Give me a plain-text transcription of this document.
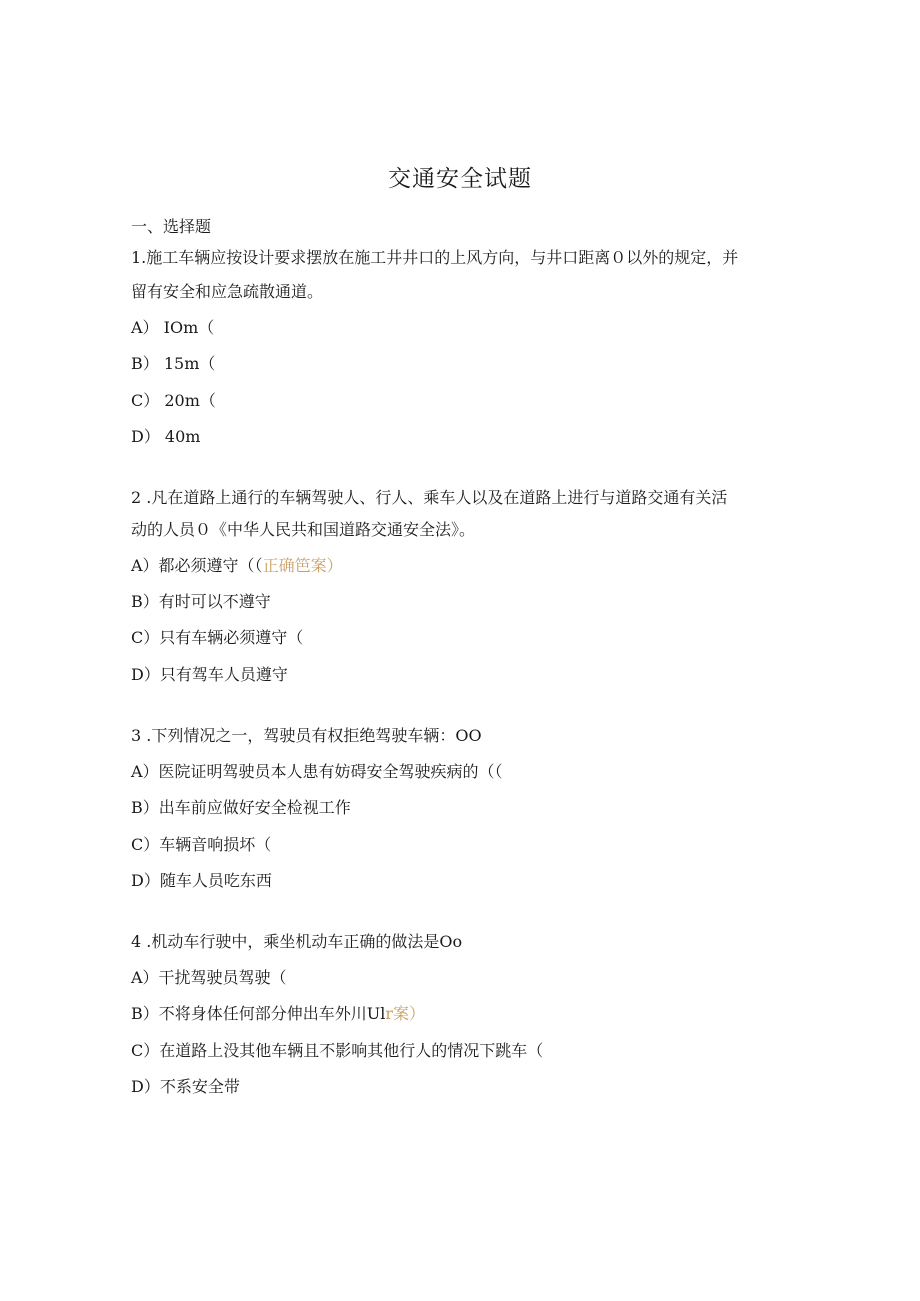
交通安全试题
一、选择题
1.施工车辆应按设计要求摆放在施工井井口的上风方向，与井口距离０以外的规定，并
留有安全和应急疏散通道。
A） IOm（
B） 15m（
C） 20m（
D） 40m
2 .凡在道路上通行的车辆驾驶人、行人、乘车人以及在道路上进行与道路交通有关活
动的人员０《中华人民共和国道路交通安全法》。
A）都必须遵守（（正确笆案）
B）有时可以不遵守
C）只有车辆必须遵守（
D）只有驾车人员遵守
3 .下列情况之一，驾驶员有权拒绝驾驶车辆：OO
A）医院证明驾驶员本人患有妨碍安全驾驶疾病的（（
B）出车前应做好安全检视工作
C）车辆音响损坏（
D）随车人员吃东西
4 .机动车行驶中，乘坐机动车正确的做法是Oo
A）干扰驾驶员驾驶（
B）不将身体任何部分伸出车外川Ulr案）
C）在道路上没其他车辆且不影响其他行人的情况下跳车（
D）不系安全带
